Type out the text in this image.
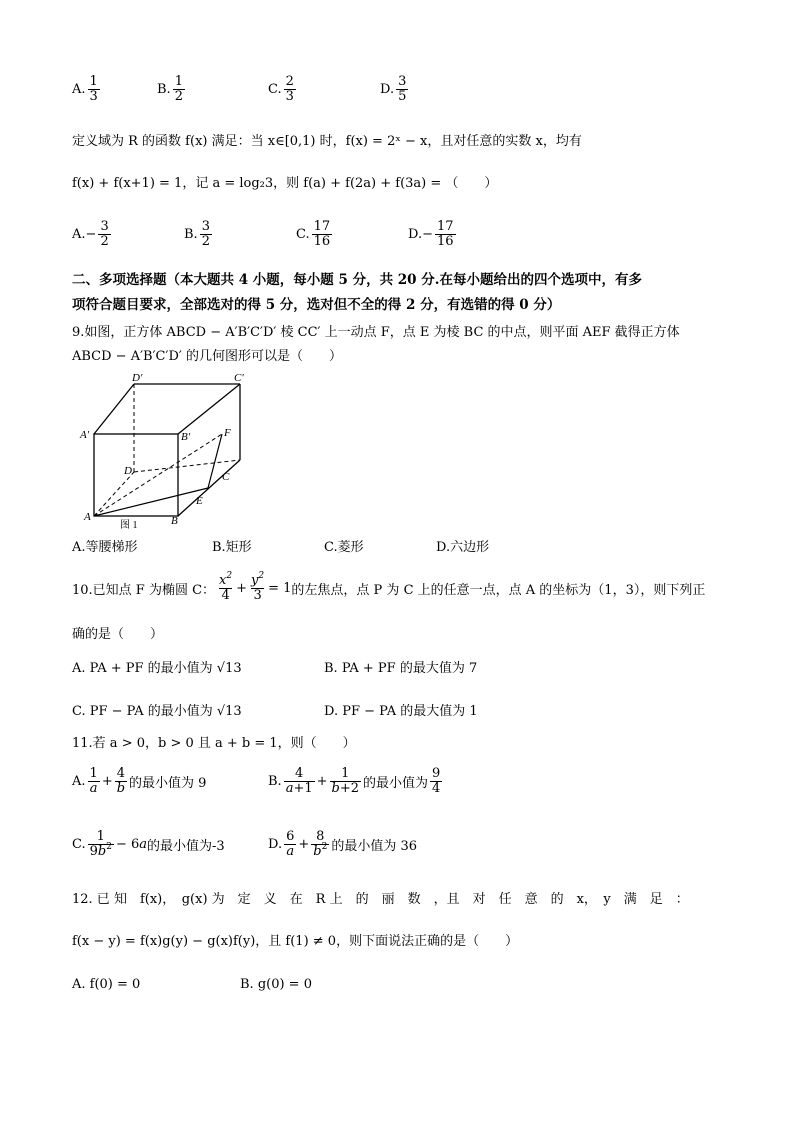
A. $\frac{1}{3}$	B. $\frac{1}{2}$	C. $\frac{2}{3}$	D. $\frac{3}{5}$
定义域为 R 的函数 f(x) 满足：当 x∈[0,1) 时，f(x) = 2ˣ − x，且对任意的实数 x，均有
f(x) + f(x+1) = 1，记 a = log₂3，则 f(a) + f(2a) + f(3a) = （　　）
A. − $\frac{3}{2}$	B. $\frac{3}{2}$	C. $\frac{17}{16}$	D. − $\frac{17}{16}$
二、多项选择题（本大题共 4 小题，每小题 5 分，共 20 分.在每小题给出的四个选项中，有多
项符合题目要求，全部选对的得 5 分，选对但不全的得 2 分，有选错的得 0 分）
9.如图，正方体 ABCD − A′B′C′D′ 棱 CC′ 上一动点 F，点 E 为棱 BC 的中点，则平面 AEF 截得正方体
ABCD − A′B′C′D′ 的几何图形可以是（　　）
D′	C′
A′	B′	F
D	C
E
A	B
图 1
A.等腰梯形	B.矩形	C.菱形	D.六边形
10.已知点 F 为椭圆 C： $\frac{x^2}{4} + \frac{y^2}{3} = 1$ 的左焦点，点 P 为 C 上的任意一点，点 A 的坐标为（1，3），则下列正
确的是（　　）
A. PA + PF 的最小值为 √13	B. PA + PF 的最大值为 7
C. PF − PA 的最小值为 √13	D. PF − PA 的最大值为 1
11.若 a > 0，b > 0 且 a + b = 1，则（　　）
A. $\frac{1}{a} + \frac{4}{b}$ 的最小值为 9	B. $\frac{4}{a+1} + \frac{1}{b+2}$ 的最小值为 $\frac{9}{4}$
C. $\frac{1}{9b^2} - 6a$ 的最小值为-3	D. $\frac{6}{a} + \frac{8}{b^2}$ 的最小值为 36
12. 已 知　f(x)，　g(x) 为　定　义　在　R 上　的　丽　数　，且　对　任　意　的　x，　y　满　足　：
f(x − y) = f(x)g(y) − g(x)f(y)，且 f(1) ≠ 0，则下面说法正确的是（　　）
A. f(0) = 0	B. g(0) = 0
